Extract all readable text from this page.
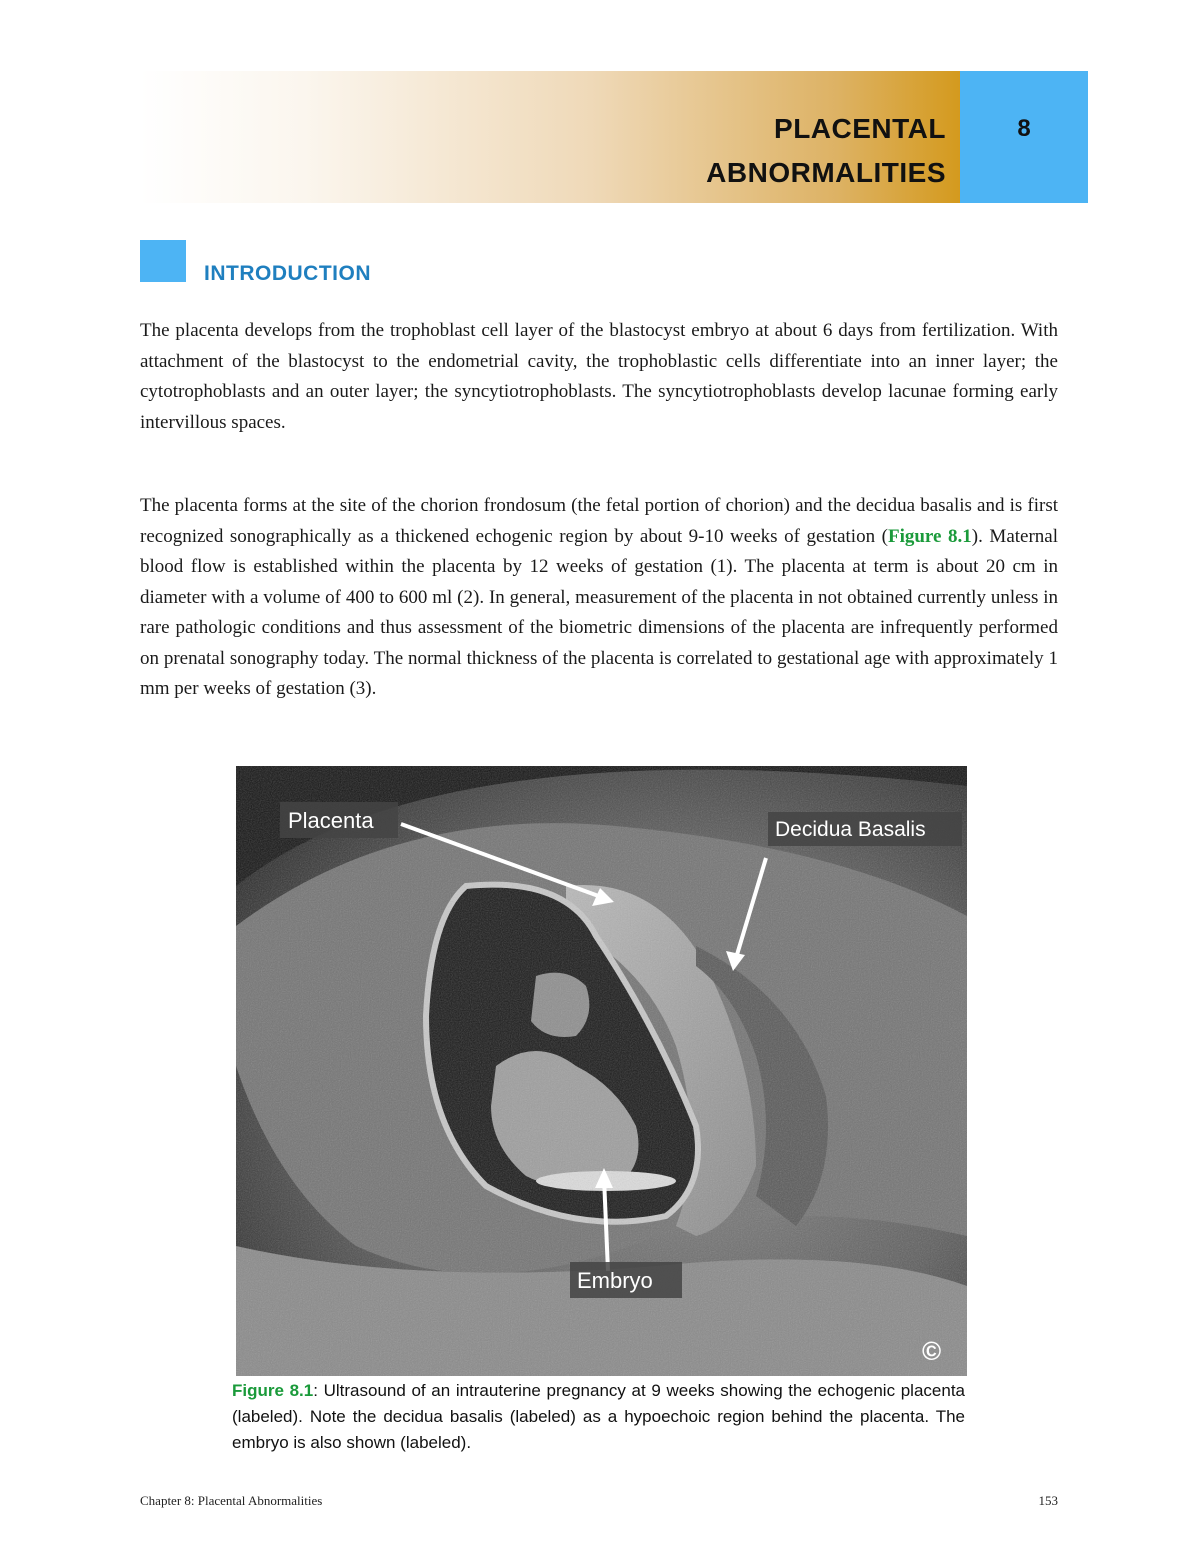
PLACENTAL
ABNORMALITIES
8
INTRODUCTION

The placenta develops from the trophoblast cell layer of the blastocyst embryo at about 6 days from fertilization. With attachment of the blastocyst to the endometrial cavity, the trophoblastic cells differentiate into an inner layer; the cytotrophoblasts and an outer layer; the syncytiotrophoblasts. The syncytiotrophoblasts develop lacunae forming early intervillous spaces.

The placenta forms at the site of the chorion frondosum (the fetal portion of chorion) and the decidua basalis and is first recognized sonographically as a thickened echogenic region by about 9-10 weeks of gestation (Figure 8.1). Maternal blood flow is established within the placenta by 12 weeks of gestation (1). The placenta at term is about 20 cm in diameter with a volume of 400 to 600 ml (2). In general, measurement of the placenta in not obtained currently unless in rare pathologic conditions and thus assessment of the biometric dimensions of the placenta are infrequently performed on prenatal sonography today. The normal thickness of the placenta is correlated to gestational age with approximately 1 mm per weeks of gestation (3).

Placenta	Decidua Basalis
Embryo
©

Figure 8.1: Ultrasound of an intrauterine pregnancy at 9 weeks showing the echogenic placenta (labeled). Note the decidua basalis (labeled) as a hypoechoic region behind the placenta. The embryo is also shown (labeled).

Chapter 8: Placental Abnormalities	153
